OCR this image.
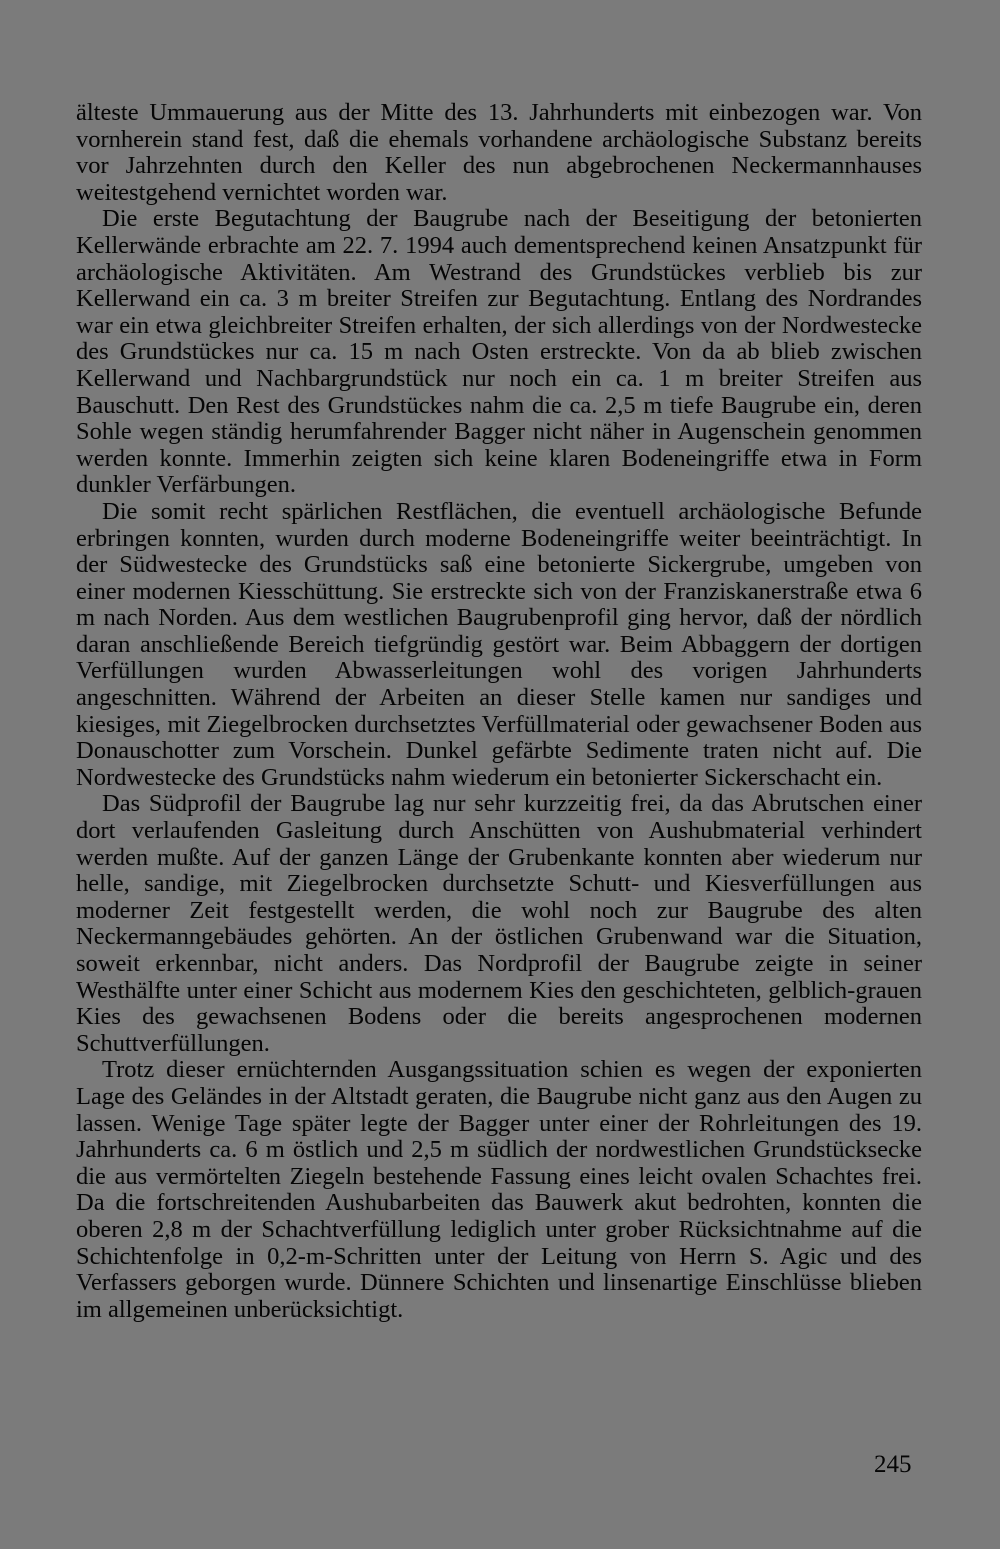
älteste Ummauerung aus der Mitte des 13. Jahrhunderts mit einbezogen war. Von vornherein stand fest, daß die ehemals vorhandene archäologische Substanz bereits vor Jahrzehnten durch den Keller des nun abgebrochenen Neckermannhauses weitestgehend vernichtet worden war.

Die erste Begutachtung der Baugrube nach der Beseitigung der betonierten Kellerwände erbrachte am 22. 7. 1994 auch dementsprechend keinen Ansatzpunkt für archäologische Aktivitäten. Am Westrand des Grundstückes verblieb bis zur Kellerwand ein ca. 3 m breiter Streifen zur Begutachtung. Entlang des Nordrandes war ein etwa gleichbreiter Streifen erhalten, der sich allerdings von der Nordwestecke des Grundstückes nur ca. 15 m nach Osten erstreckte. Von da ab blieb zwischen Kellerwand und Nachbargrundstück nur noch ein ca. 1 m breiter Streifen aus Bauschutt. Den Rest des Grundstückes nahm die ca. 2,5 m tiefe Baugrube ein, deren Sohle wegen ständig herumfahrender Bagger nicht näher in Augenschein genommen werden konnte. Immerhin zeigten sich keine klaren Bodeneingriffe etwa in Form dunkler Verfärbungen.

Die somit recht spärlichen Restflächen, die eventuell archäologische Befunde erbringen konnten, wurden durch moderne Bodeneingriffe weiter beeinträchtigt. In der Südwestecke des Grundstücks saß eine betonierte Sickergrube, umgeben von einer modernen Kiesschüttung. Sie erstreckte sich von der Franziskanerstraße etwa 6 m nach Norden. Aus dem westlichen Baugrubenprofil ging hervor, daß der nördlich daran anschließende Bereich tiefgründig gestört war. Beim Abbaggern der dortigen Verfüllungen wurden Abwasserleitungen wohl des vorigen Jahrhunderts angeschnitten. Während der Arbeiten an dieser Stelle kamen nur sandiges und kiesiges, mit Ziegelbrocken durchsetztes Verfüllmaterial oder gewachsener Boden aus Donauschotter zum Vorschein. Dunkel gefärbte Sedimente traten nicht auf. Die Nordwestecke des Grundstücks nahm wiederum ein betonierter Sickerschacht ein.

Das Südprofil der Baugrube lag nur sehr kurzzeitig frei, da das Abrutschen einer dort verlaufenden Gasleitung durch Anschütten von Aushubmaterial verhindert werden mußte. Auf der ganzen Länge der Grubenkante konnten aber wiederum nur helle, sandige, mit Ziegelbrocken durchsetzte Schutt- und Kiesverfüllungen aus moderner Zeit festgestellt werden, die wohl noch zur Baugrube des alten Neckermanngebäudes gehörten. An der östlichen Grubenwand war die Situation, soweit erkennbar, nicht anders. Das Nordprofil der Baugrube zeigte in seiner Westhälfte unter einer Schicht aus modernem Kies den geschichteten, gelblich-grauen Kies des gewachsenen Bodens oder die bereits angesprochenen modernen Schuttverfüllungen.

Trotz dieser ernüchternden Ausgangssituation schien es wegen der exponierten Lage des Geländes in der Altstadt geraten, die Baugrube nicht ganz aus den Augen zu lassen. Wenige Tage später legte der Bagger unter einer der Rohrleitungen des 19. Jahrhunderts ca. 6 m östlich und 2,5 m südlich der nordwestlichen Grundstücksecke die aus vermörtelten Ziegeln bestehende Fassung eines leicht ovalen Schachtes frei. Da die fortschreitenden Aushubarbeiten das Bauwerk akut bedrohten, konnten die oberen 2,8 m der Schachtverfüllung lediglich unter grober Rücksichtnahme auf die Schichtenfolge in 0,2-m-Schritten unter der Leitung von Herrn S. Agic und des Verfassers geborgen wurde. Dünnere Schichten und linsenartige Einschlüsse blieben im allgemeinen unberücksichtigt.

245
